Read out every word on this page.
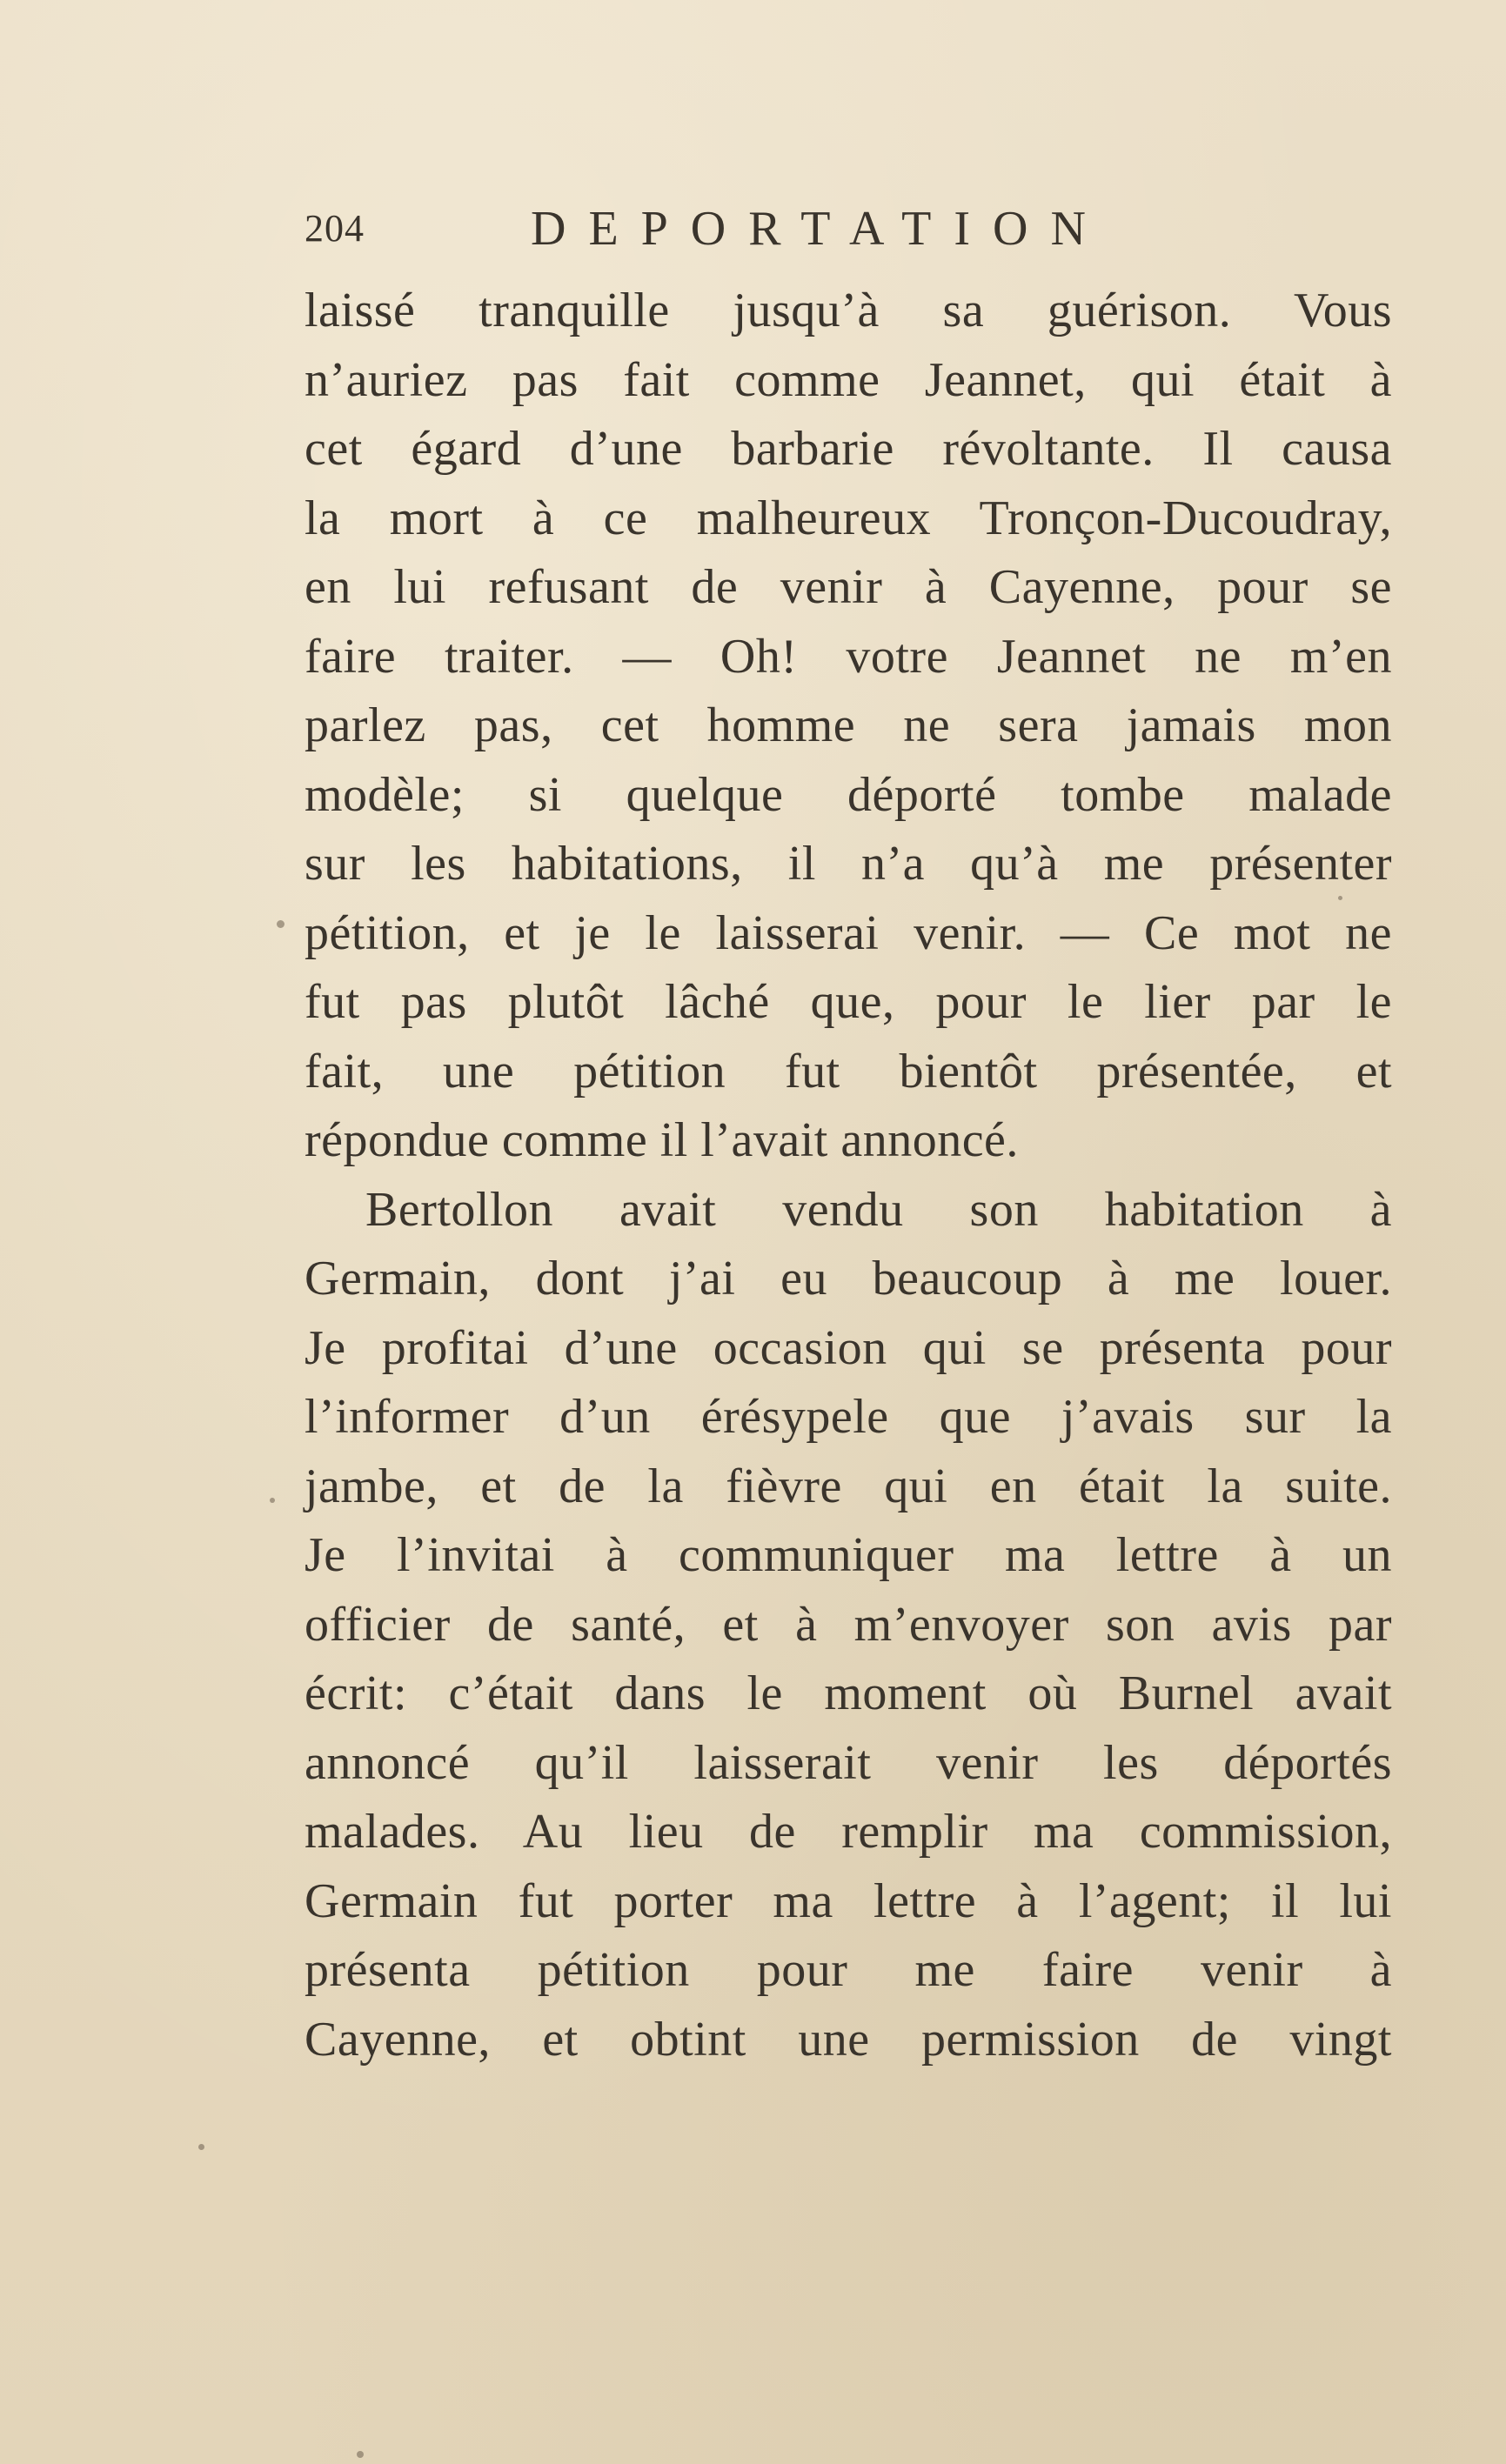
204	DEPORTATION
laissé tranquille jusqu’à sa guérison. Vous
n’auriez pas fait comme Jeannet, qui était à
cet égard d’une barbarie révoltante. Il causa
la mort à ce malheureux Tronçon-Ducoudray,
en lui refusant de venir à Cayenne, pour se
faire traiter. — Oh! votre Jeannet ne m’en
parlez pas, cet homme ne sera jamais mon
modèle; si quelque déporté tombe malade
sur les habitations, il n’a qu’à me présenter
pétition, et je le laisserai venir. — Ce mot ne
fut pas plutôt lâché que, pour le lier par le
fait, une pétition fut bientôt présentée, et
répondue comme il l’avait annoncé.
Bertollon avait vendu son habitation à
Germain, dont j’ai eu beaucoup à me louer.
Je profitai d’une occasion qui se présenta pour
l’informer d’un érésypele que j’avais sur la
jambe, et de la fièvre qui en était la suite.
Je l’invitai à communiquer ma lettre à un
officier de santé, et à m’envoyer son avis par
écrit: c’était dans le moment où Burnel avait
annoncé qu’il laisserait venir les déportés
malades. Au lieu de remplir ma commission,
Germain fut porter ma lettre à l’agent; il lui
présenta pétition pour me faire venir à
Cayenne, et obtint une permission de vingt
